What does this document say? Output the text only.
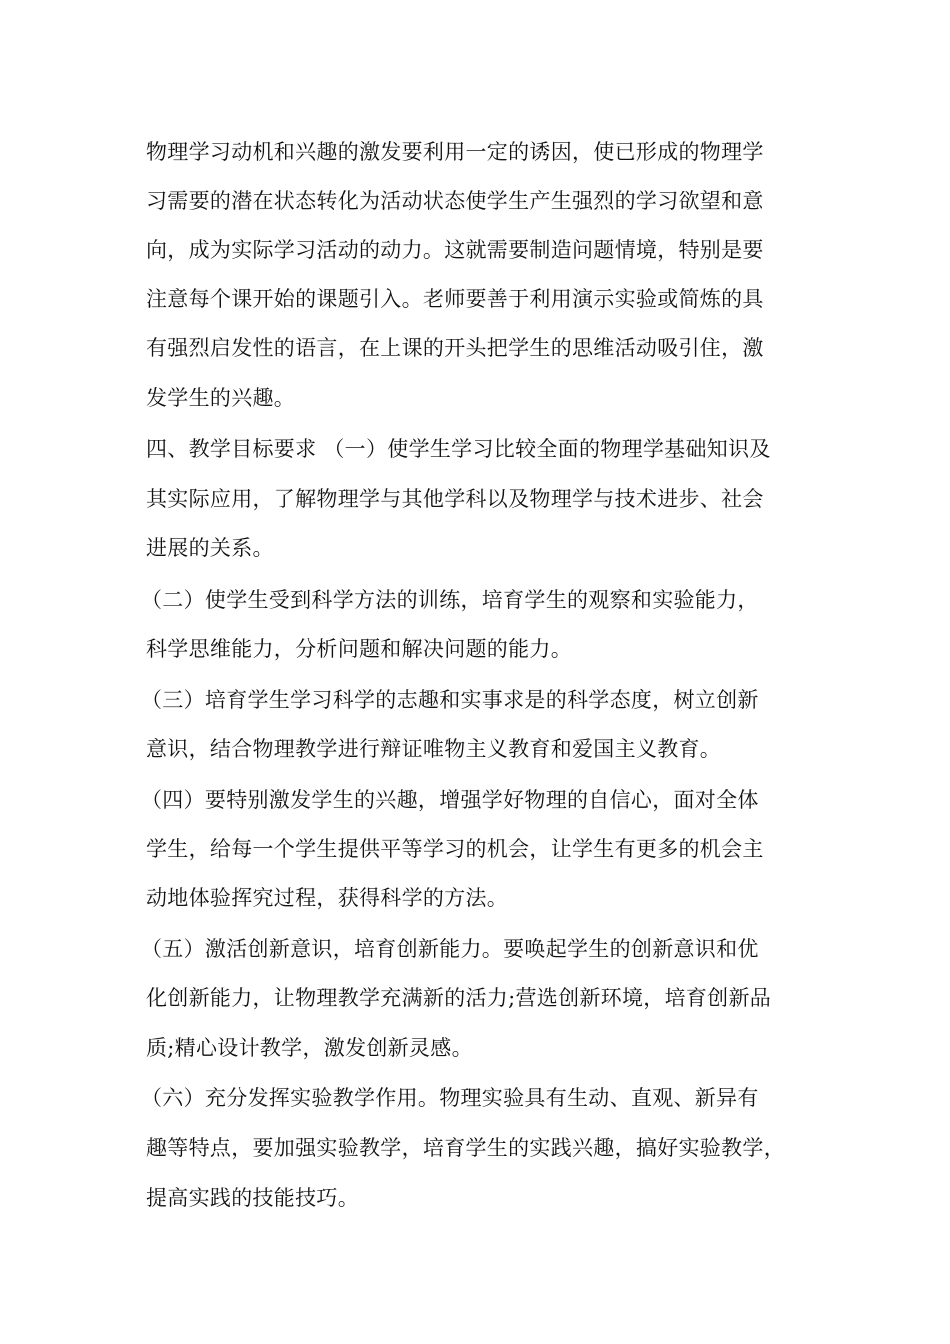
物理学习动机和兴趣的激发要利用一定的诱因，使已形成的物理学
习需要的潜在状态转化为活动状态使学生产生强烈的学习欲望和意
向，成为实际学习活动的动力。这就需要制造问题情境，特别是要
注意每个课开始的课题引入。老师要善于利用演示实验或简炼的具
有强烈启发性的语言，在上课的开头把学生的思维活动吸引住，激
发学生的兴趣。
四、教学目标要求 （一）使学生学习比较全面的物理学基础知识及
其实际应用，了解物理学与其他学科以及物理学与技术进步、社会
进展的关系。
（二）使学生受到科学方法的训练，培育学生的观察和实验能力，
科学思维能力，分析问题和解决问题的能力。
（三）培育学生学习科学的志趣和实事求是的科学态度，树立创新
意识，结合物理教学进行辩证唯物主义教育和爱国主义教育。
（四）要特别激发学生的兴趣，增强学好物理的自信心，面对全体
学生，给每一个学生提供平等学习的机会，让学生有更多的机会主
动地体验挥究过程，获得科学的方法。
（五）激活创新意识，培育创新能力。要唤起学生的创新意识和优
化创新能力，让物理教学充满新的活力;营选创新环境，培育创新品
质;精心设计教学，激发创新灵感。
（六）充分发挥实验教学作用。物理实验具有生动、直观、新异有
趣等特点，要加强实验教学，培育学生的实践兴趣，搞好实验教学，
提高实践的技能技巧。
